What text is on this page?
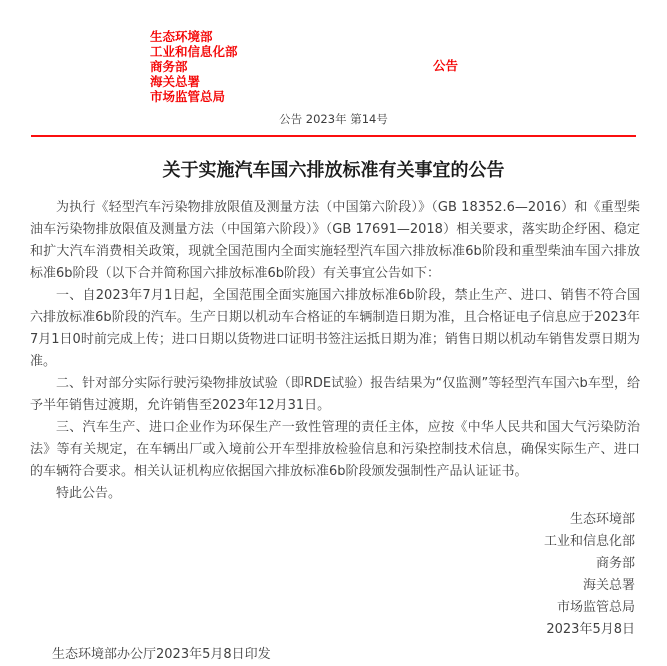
生态环境部
工业和信息化部
商务部
海关总署
市场监管总局
公告
公告 2023年 第14号
关于实施汽车国六排放标准有关事宜的公告

为执行《轻型汽车污染物排放限值及测量方法（中国第六阶段）》（GB 18352.6—2016）和《重型柴油车污染物排放限值及测量方法（中国第六阶段）》（GB 17691—2018）相关要求，落实助企纾困、稳定和扩大汽车消费相关政策，现就全国范围内全面实施轻型汽车国六排放标准6b阶段和重型柴油车国六排放标准6b阶段（以下合并简称国六排放标准6b阶段）有关事宜公告如下：

一、自2023年7月1日起，全国范围全面实施国六排放标准6b阶段，禁止生产、进口、销售不符合国六排放标准6b阶段的汽车。生产日期以机动车合格证的车辆制造日期为准，且合格证电子信息应于2023年7月1日0时前完成上传；进口日期以货物进口证明书签注运抵日期为准；销售日期以机动车销售发票日期为准。

二、针对部分实际行驶污染物排放试验（即RDE试验）报告结果为“仅监测”等轻型汽车国六b车型，给予半年销售过渡期，允许销售至2023年12月31日。

三、汽车生产、进口企业作为环保生产一致性管理的责任主体，应按《中华人民共和国大气污染防治法》等有关规定，在车辆出厂或入境前公开车型排放检验信息和污染控制技术信息，确保实际生产、进口的车辆符合要求。相关认证机构应依据国六排放标准6b阶段颁发强制性产品认证证书。

特此公告。

生态环境部
工业和信息化部
商务部
海关总署
市场监管总局
2023年5月8日
生态环境部办公厅2023年5月8日印发
